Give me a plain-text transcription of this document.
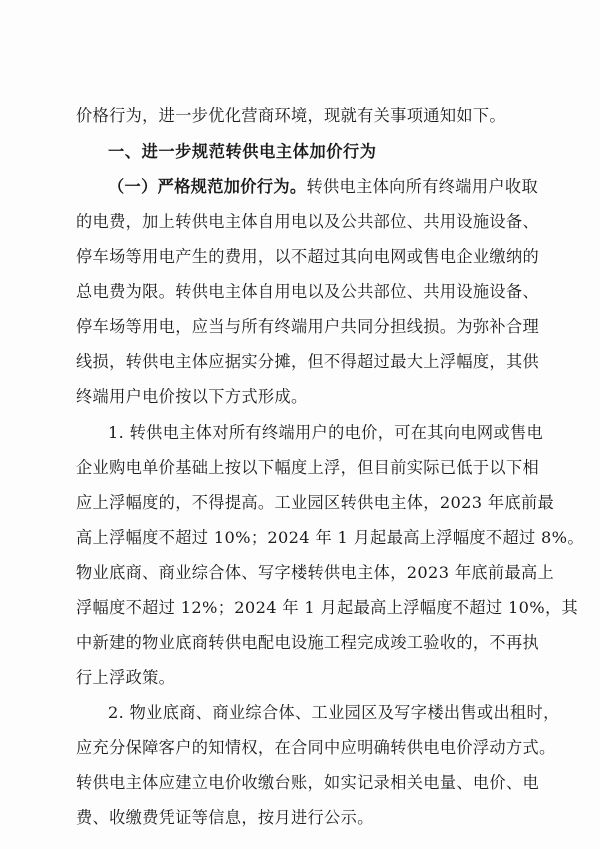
价格行为，进一步优化营商环境，现就有关事项通知如下。
一、进一步规范转供电主体加价行为
（一）严格规范加价行为。转供电主体向所有终端用户收取
的电费，加上转供电主体自用电以及公共部位、共用设施设备、
停车场等用电产生的费用，以不超过其向电网或售电企业缴纳的
总电费为限。转供电主体自用电以及公共部位、共用设施设备、
停车场等用电，应当与所有终端用户共同分担线损。为弥补合理
线损，转供电主体应据实分摊，但不得超过最大上浮幅度，其供
终端用户电价按以下方式形成。
1. 转供电主体对所有终端用户的电价，可在其向电网或售电
企业购电单价基础上按以下幅度上浮，但目前实际已低于以下相
应上浮幅度的，不得提高。工业园区转供电主体，2023 年底前最
高上浮幅度不超过 10%；2024 年 1 月起最高上浮幅度不超过 8%。
物业底商、商业综合体、写字楼转供电主体，2023 年底前最高上
浮幅度不超过 12%；2024 年 1 月起最高上浮幅度不超过 10%，其
中新建的物业底商转供电配电设施工程完成竣工验收的，不再执
行上浮政策。
2. 物业底商、商业综合体、工业园区及写字楼出售或出租时，
应充分保障客户的知情权，在合同中应明确转供电电价浮动方式。
转供电主体应建立电价收缴台账，如实记录相关电量、电价、电
费、收缴费凭证等信息，按月进行公示。
